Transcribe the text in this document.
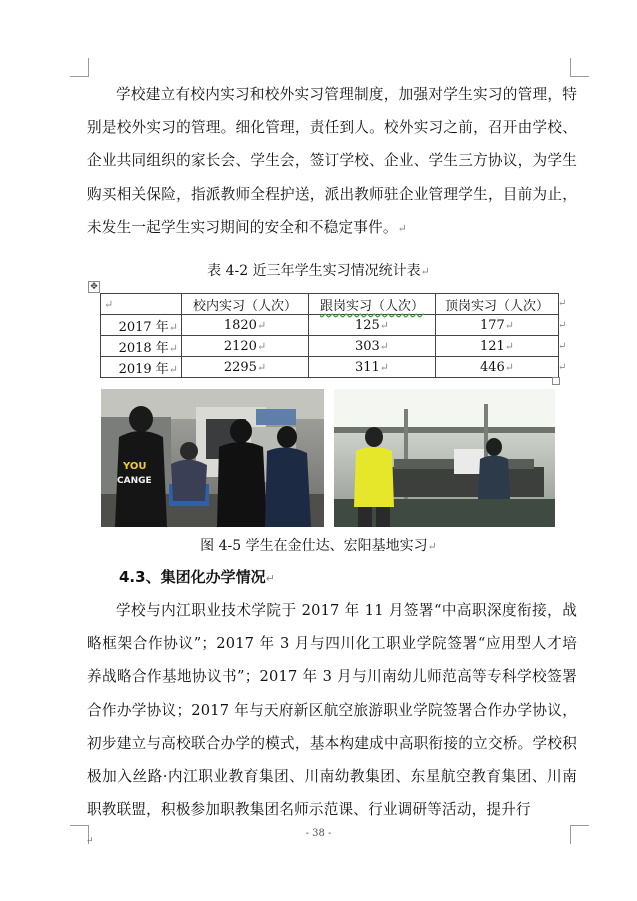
学校建立有校内实习和校外实习管理制度，加强对学生实习的管理，特别是校外实习的管理。细化管理，责任到人。校外实习之前，召开由学校、企业共同组织的家长会、学生会，签订学校、企业、学生三方协议，为学生购买相关保险，指派教师全程护送，派出教师驻企业管理学生，目前为止，未发生一起学生实习期间的安全和不稳定事件。↵

表 4-2 近三年学生实习情况统计表↵
✥
↵	校内实习（人次）	跟岗实习（人次）	顶岗实习（人次）
2017 年↵	1820↵	125↵	177↵
2018 年↵	2120↵	303↵	121↵
2019 年↵	2295↵	311↵	446↵
↵
↵
↵
↵
YOU
CANGE
图 4-5 学生在金仕达、宏阳基地实习↵
4.3、集团化办学情况↵

学校与内江职业技术学院于 2017 年 11 月签署“中高职深度衔接，战略框架合作协议”；2017 年 3 月与四川化工职业学院签署“应用型人才培养战略合作基地协议书”；2017 年 3 月与川南幼儿师范高等专科学校签署合作办学协议；2017 年与天府新区航空旅游职业学院签署合作办学协议，初步建立与高校联合办学的模式，基本构建成中高职衔接的立交桥。学校积极加入丝路·内江职业教育集团、川南幼教集团、东星航空教育集团、川南职教联盟，积极参加职教集团名师示范课、行业调研等活动，提升行

- 38 -
↵
